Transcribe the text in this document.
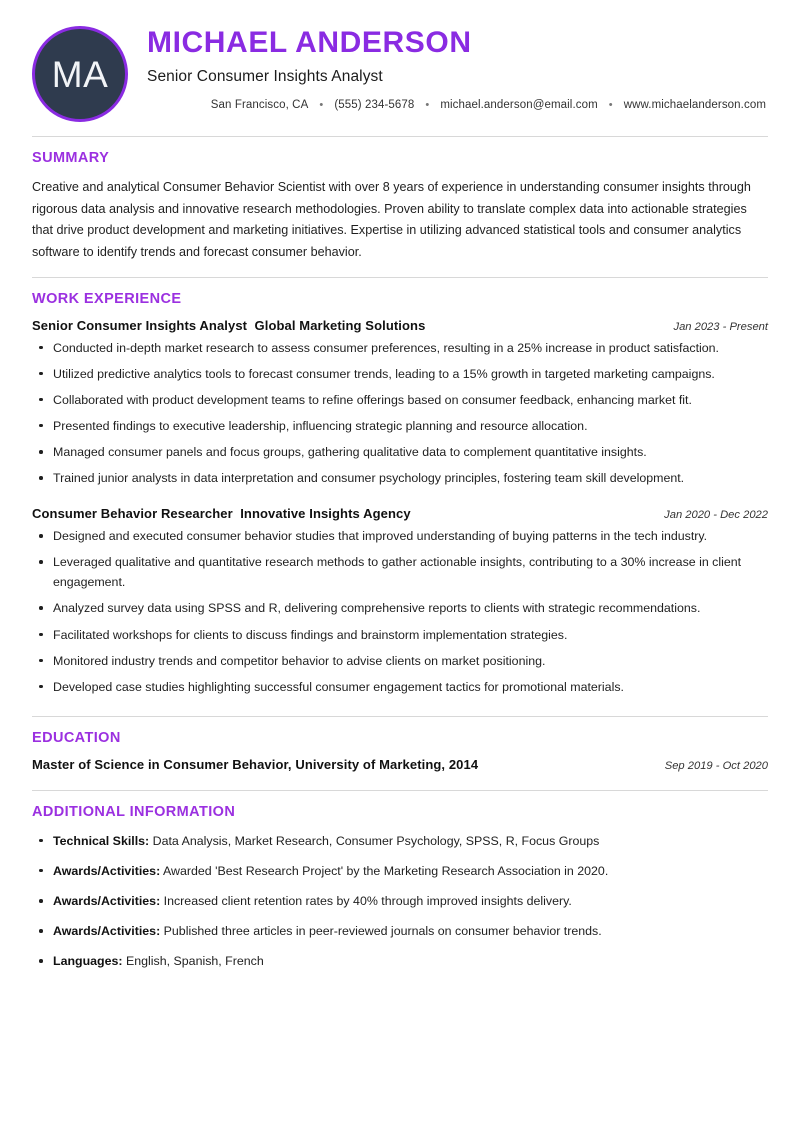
MA
MICHAEL ANDERSON
Senior Consumer Insights Analyst
San Francisco, CA	• (555) 234-5678	• michael.anderson@email.com	• www.michaelanderson.com
SUMMARY

Creative and analytical Consumer Behavior Scientist with over 8 years of experience in understanding consumer insights through rigorous data analysis and innovative research methodologies. Proven ability to translate complex data into actionable strategies that drive product development and marketing initiatives. Expertise in utilizing advanced statistical tools and consumer analytics software to identify trends and forecast consumer behavior.

WORK EXPERIENCE
Senior Consumer Insights Analyst Global Marketing Solutions	Jan 2023 - Present
Conducted in-depth market research to assess consumer preferences, resulting in a 25% increase in product satisfaction.
Utilized predictive analytics tools to forecast consumer trends, leading to a 15% growth in targeted marketing campaigns.
Collaborated with product development teams to refine offerings based on consumer feedback, enhancing market fit.
Presented findings to executive leadership, influencing strategic planning and resource allocation.
Managed consumer panels and focus groups, gathering qualitative data to complement quantitative insights.
Trained junior analysts in data interpretation and consumer psychology principles, fostering team skill development.
Consumer Behavior Researcher Innovative Insights Agency	Jan 2020 - Dec 2022
Designed and executed consumer behavior studies that improved understanding of buying patterns in the tech industry.
Leveraged qualitative and quantitative research methods to gather actionable insights, contributing to a 30% increase in client engagement.
Analyzed survey data using SPSS and R, delivering comprehensive reports to clients with strategic recommendations.
Facilitated workshops for clients to discuss findings and brainstorm implementation strategies.
Monitored industry trends and competitor behavior to advise clients on market positioning.
Developed case studies highlighting successful consumer engagement tactics for promotional materials.
EDUCATION
Master of Science in Consumer Behavior, University of Marketing, 2014	Sep 2019 - Oct 2020
ADDITIONAL INFORMATION
Technical Skills: Data Analysis, Market Research, Consumer Psychology, SPSS, R, Focus Groups
Awards/Activities: Awarded 'Best Research Project' by the Marketing Research Association in 2020.
Awards/Activities: Increased client retention rates by 40% through improved insights delivery.
Awards/Activities: Published three articles in peer-reviewed journals on consumer behavior trends.
Languages: English, Spanish, French
